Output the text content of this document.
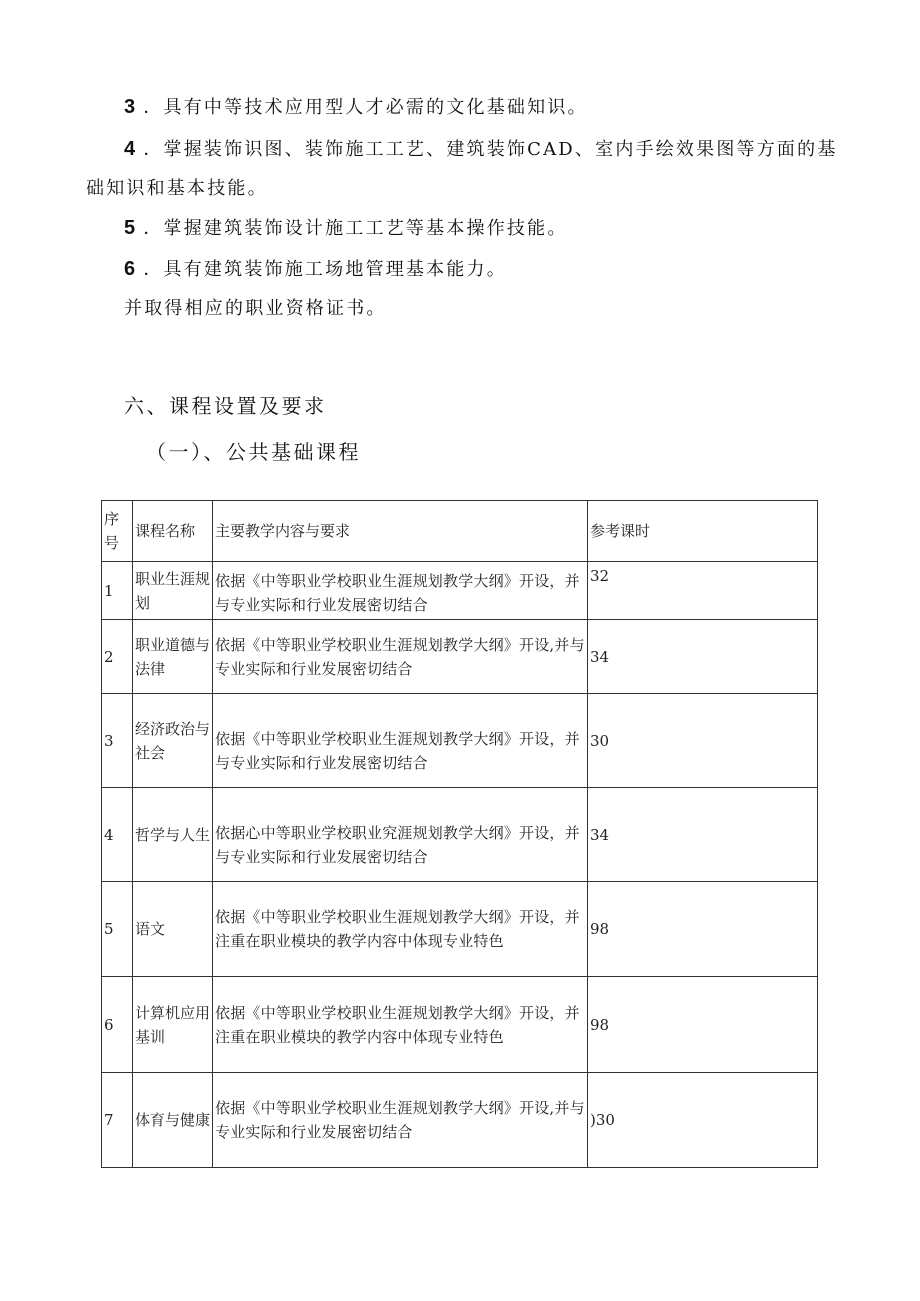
3 ．具有中等技术应用型人才必需的文化基础知识。
4 ．掌握装饰识图、装饰施工工艺、建筑装饰CAD、室内手绘效果图等方面的基
础知识和基本技能。
5 ．掌握建筑装饰设计施工工艺等基本操作技能。
6 ．具有建筑装饰施工场地管理基本能力。
并取得相应的职业资格证书。
六、课程设置及要求
（一）、公共基础课程
序号	课程名称	主要教学内容与要求	参考课时
1	职业生涯规划	依据《中等职业学校职业生涯规划教学大纲》开设，并与专业实际和行业发展密切结合	32
2	职业道德与法律	依据《中等职业学校职业生涯规划教学大纲》开设,并与专业实际和行业发展密切结合	34
3	经济政治与社会	依据《中等职业学校职业生涯规划教学大纲》开设，并与专业实际和行业发展密切结合	30
4	哲学与人生	依据心中等职业学校职业究涯规划教学大纲》开设，并与专业实际和行业发展密切结合	34
5	语文	依据《中等职业学校职业生涯规划教学大纲》开设，并注重在职业模块的教学内容中体现专业特色	98
6	计算机应用基训	依据《中等职业学校职业生涯规划教学大纲》开设，并注重在职业模块的教学内容中体现专业特色	98
7	体育与健康	依据《中等职业学校职业生涯规划教学大纲》开设,并与专业实际和行业发展密切结合	)30
